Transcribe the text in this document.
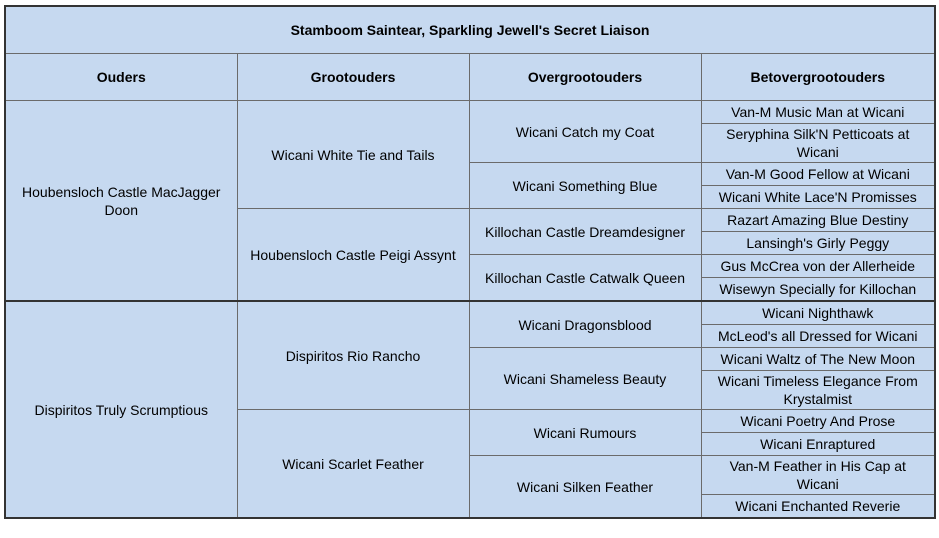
Stamboom Saintear, Sparkling Jewell's Secret Liaison			
Ouders	Grootouders	Overgrootouders	Betovergrootouders
Houbensloch Castle MacJagger Doon	Wicani White Tie and Tails	Wicani Catch my Coat	Van-M Music Man at Wicani
			Seryphina Silk'N Petticoats at Wicani
		Wicani Something Blue	Van-M Good Fellow at Wicani
			Wicani White Lace'N Promisses
	Houbensloch Castle Peigi Assynt	Killochan Castle Dreamdesigner	Razart Amazing Blue Destiny
			Lansingh's Girly Peggy
		Killochan Castle Catwalk Queen	Gus McCrea von der Allerheide
			Wisewyn Specially for Killochan
Dispiritos Truly Scrumptious	Dispiritos Rio Rancho	Wicani Dragonsblood	Wicani Nighthawk
			McLeod's all Dressed for Wicani
		Wicani Shameless Beauty	Wicani Waltz of The New Moon
			Wicani Timeless Elegance From Krystalmist
	Wicani Scarlet Feather	Wicani Rumours	Wicani Poetry And Prose
			Wicani Enraptured
		Wicani Silken Feather	Van-M Feather in His Cap at Wicani
			Wicani Enchanted Reverie
